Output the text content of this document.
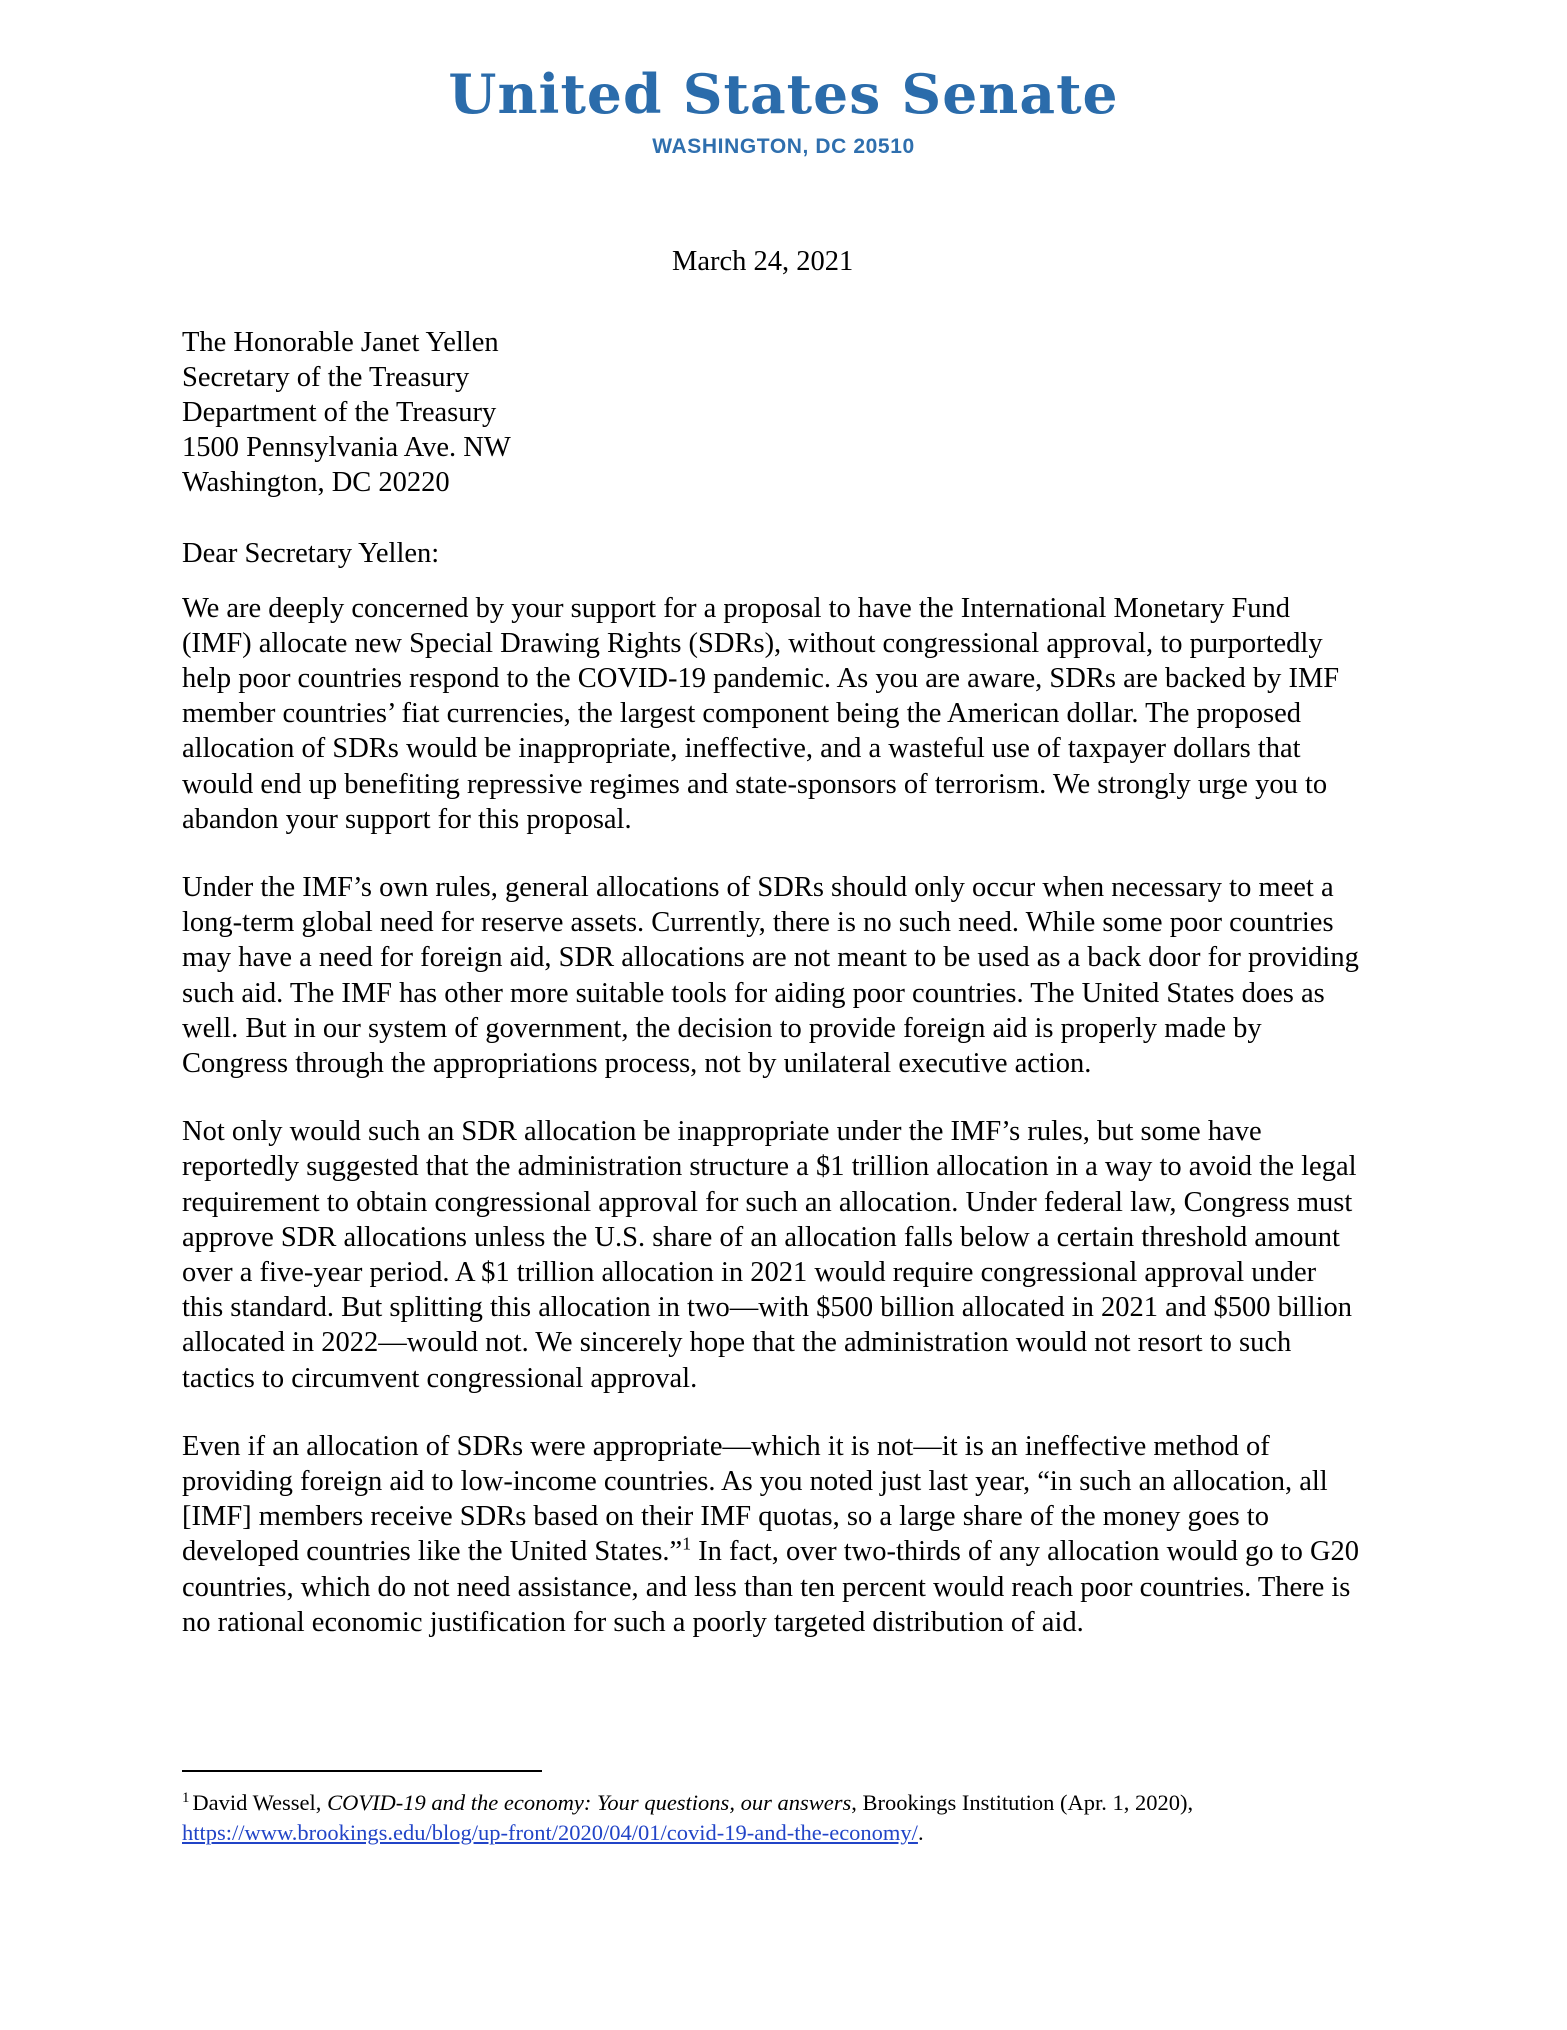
United States Senate
WASHINGTON, DC 20510
March 24, 2021
The Honorable Janet Yellen
Secretary of the Treasury
Department of the Treasury
1500 Pennsylvania Ave. NW
Washington, DC 20220
Dear Secretary Yellen:

We are deeply concerned by your support for a proposal to have the International Monetary Fund (IMF) allocate new Special Drawing Rights (SDRs), without congressional approval, to purportedly help poor countries respond to the COVID-19 pandemic. As you are aware, SDRs are backed by IMF member countries’ fiat currencies, the largest component being the American dollar. The proposed allocation of SDRs would be inappropriate, ineffective, and a wasteful use of taxpayer dollars that would end up benefiting repressive regimes and state-sponsors of terrorism. We strongly urge you to abandon your support for this proposal.

Under the IMF’s own rules, general allocations of SDRs should only occur when necessary to meet a long-term global need for reserve assets. Currently, there is no such need. While some poor countries may have a need for foreign aid, SDR allocations are not meant to be used as a back door for providing such aid. The IMF has other more suitable tools for aiding poor countries. The United States does as well. But in our system of government, the decision to provide foreign aid is properly made by Congress through the appropriations process, not by unilateral executive action.

Not only would such an SDR allocation be inappropriate under the IMF’s rules, but some have reportedly suggested that the administration structure a $1 trillion allocation in a way to avoid the legal requirement to obtain congressional approval for such an allocation. Under federal law, Congress must approve SDR allocations unless the U.S. share of an allocation falls below a certain threshold amount over a five-year period. A $1 trillion allocation in 2021 would require congressional approval under this standard. But splitting this allocation in two—with $500 billion allocated in 2021 and $500 billion allocated in 2022—would not. We sincerely hope that the administration would not resort to such tactics to circumvent congressional approval.

Even if an allocation of SDRs were appropriate—which it is not—it is an ineffective method of providing foreign aid to low-income countries. As you noted just last year, “in such an allocation, all [IMF] members receive SDRs based on their IMF quotas, so a large share of the money goes to developed countries like the United States.”$^1$ In fact, over two-thirds of any allocation would go to G20 countries, which do not need assistance, and less than ten percent would reach poor countries. There is no rational economic justification for such a poorly targeted distribution of aid.

$^1$ David Wessel, COVID-19 and the economy: Your questions, our answers, Brookings Institution (Apr. 1, 2020),
https://www.brookings.edu/blog/up-front/2020/04/01/covid-19-and-the-economy/.
